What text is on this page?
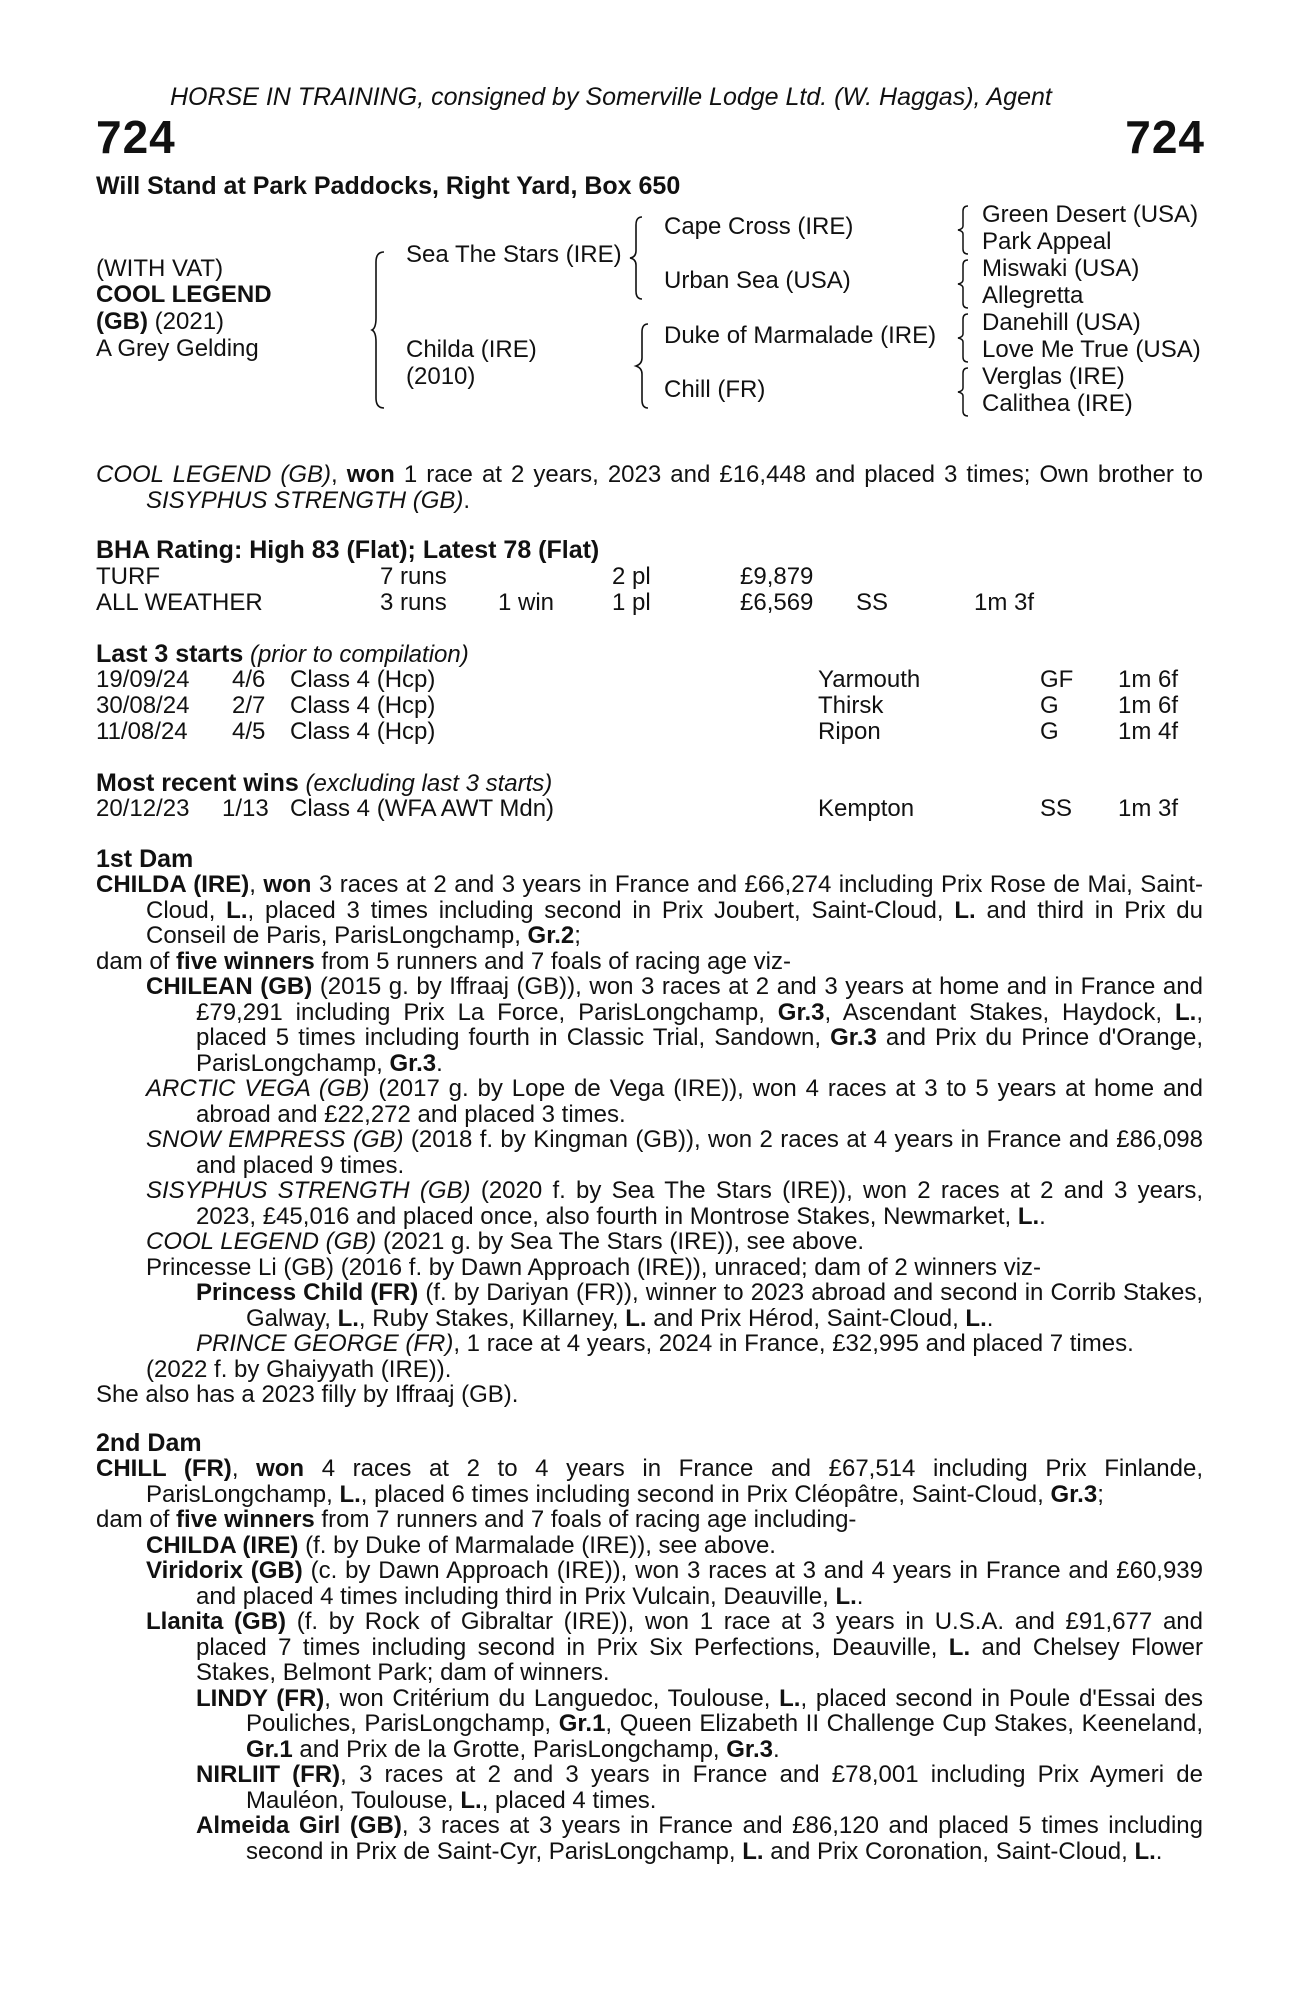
HORSE IN TRAINING, consigned by Somerville Lodge Ltd. (W. Haggas), Agent
724	724
Will Stand at Park Paddocks, Right Yard, Box 650
(WITH VAT)
COOL LEGEND
(GB) (2021)
A Grey Gelding
Sea The Stars (IRE)
Childa (IRE)
(2010)
Cape Cross (IRE)
Urban Sea (USA)
Duke of Marmalade (IRE)
Chill (FR)
Green Desert (USA)
Park Appeal
Miswaki (USA)
Allegretta
Danehill (USA)
Love Me True (USA)
Verglas (IRE)
Calithea (IRE)

COOL LEGEND (GB), won 1 race at 2 years, 2023 and £16,448 and placed 3 times; Own brother to SISYPHUS STRENGTH (GB).

BHA Rating: High 83 (Flat); Latest 78 (Flat)
TURF	7 runs	2 pl	£9,879
ALL WEATHER	3 runs 1 win 1 pl	£6,569 SS	1m 3f
Last 3 starts (prior to compilation)
19/09/24 4/6 Class 4 (Hcp)	Yarmouth	GF 1m 6f
30/08/24 2/7 Class 4 (Hcp)	Thirsk	G 1m 6f
11/08/24 4/5 Class 4 (Hcp)	Ripon	G 1m 4f
Most recent wins (excluding last 3 starts)
20/12/23 1/13 Class 4 (WFA AWT Mdn)	Kempton	SS 1m 3f
1st Dam

CHILDA (IRE), won 3 races at 2 and 3 years in France and £66,274 including Prix Rose de Mai, Saint-Cloud, L., placed 3 times including second in Prix Joubert, Saint-Cloud, L. and third in Prix du Conseil de Paris, ParisLongchamp, Gr.2;

dam of five winners from 5 runners and 7 foals of racing age viz-

CHILEAN (GB) (2015 g. by Iffraaj (GB)), won 3 races at 2 and 3 years at home and in France and £79,291 including Prix La Force, ParisLongchamp, Gr.3, Ascendant Stakes, Haydock, L., placed 5 times including fourth in Classic Trial, Sandown, Gr.3 and Prix du Prince d'Orange, ParisLongchamp, Gr.3.

ARCTIC VEGA (GB) (2017 g. by Lope de Vega (IRE)), won 4 races at 3 to 5 years at home and abroad and £22,272 and placed 3 times.

SNOW EMPRESS (GB) (2018 f. by Kingman (GB)), won 2 races at 4 years in France and £86,098 and placed 9 times.

SISYPHUS STRENGTH (GB) (2020 f. by Sea The Stars (IRE)), won 2 races at 2 and 3 years, 2023, £45,016 and placed once, also fourth in Montrose Stakes, Newmarket, L..

COOL LEGEND (GB) (2021 g. by Sea The Stars (IRE)), see above.

Princesse Li (GB) (2016 f. by Dawn Approach (IRE)), unraced; dam of 2 winners viz-

Princess Child (FR) (f. by Dariyan (FR)), winner to 2023 abroad and second in Corrib Stakes, Galway, L., Ruby Stakes, Killarney, L. and Prix Hérod, Saint-Cloud, L..

PRINCE GEORGE (FR), 1 race at 4 years, 2024 in France, £32,995 and placed 7 times.

(2022 f. by Ghaiyyath (IRE)).

She also has a 2023 filly by Iffraaj (GB).

2nd Dam

CHILL (FR), won 4 races at 2 to 4 years in France and £67,514 including Prix Finlande, ParisLongchamp, L., placed 6 times including second in Prix Cléopâtre, Saint-Cloud, Gr.3;

dam of five winners from 7 runners and 7 foals of racing age including-

CHILDA (IRE) (f. by Duke of Marmalade (IRE)), see above.

Viridorix (GB) (c. by Dawn Approach (IRE)), won 3 races at 3 and 4 years in France and £60,939 and placed 4 times including third in Prix Vulcain, Deauville, L..

Llanita (GB) (f. by Rock of Gibraltar (IRE)), won 1 race at 3 years in U.S.A. and £91,677 and placed 7 times including second in Prix Six Perfections, Deauville, L. and Chelsey Flower Stakes, Belmont Park; dam of winners.

LINDY (FR), won Critérium du Languedoc, Toulouse, L., placed second in Poule d'Essai des Pouliches, ParisLongchamp, Gr.1, Queen Elizabeth II Challenge Cup Stakes, Keeneland, Gr.1 and Prix de la Grotte, ParisLongchamp, Gr.3.

NIRLIIT (FR), 3 races at 2 and 3 years in France and £78,001 including Prix Aymeri de Mauléon, Toulouse, L., placed 4 times.

Almeida Girl (GB), 3 races at 3 years in France and £86,120 and placed 5 times including second in Prix de Saint-Cyr, ParisLongchamp, L. and Prix Coronation, Saint-Cloud, L..
